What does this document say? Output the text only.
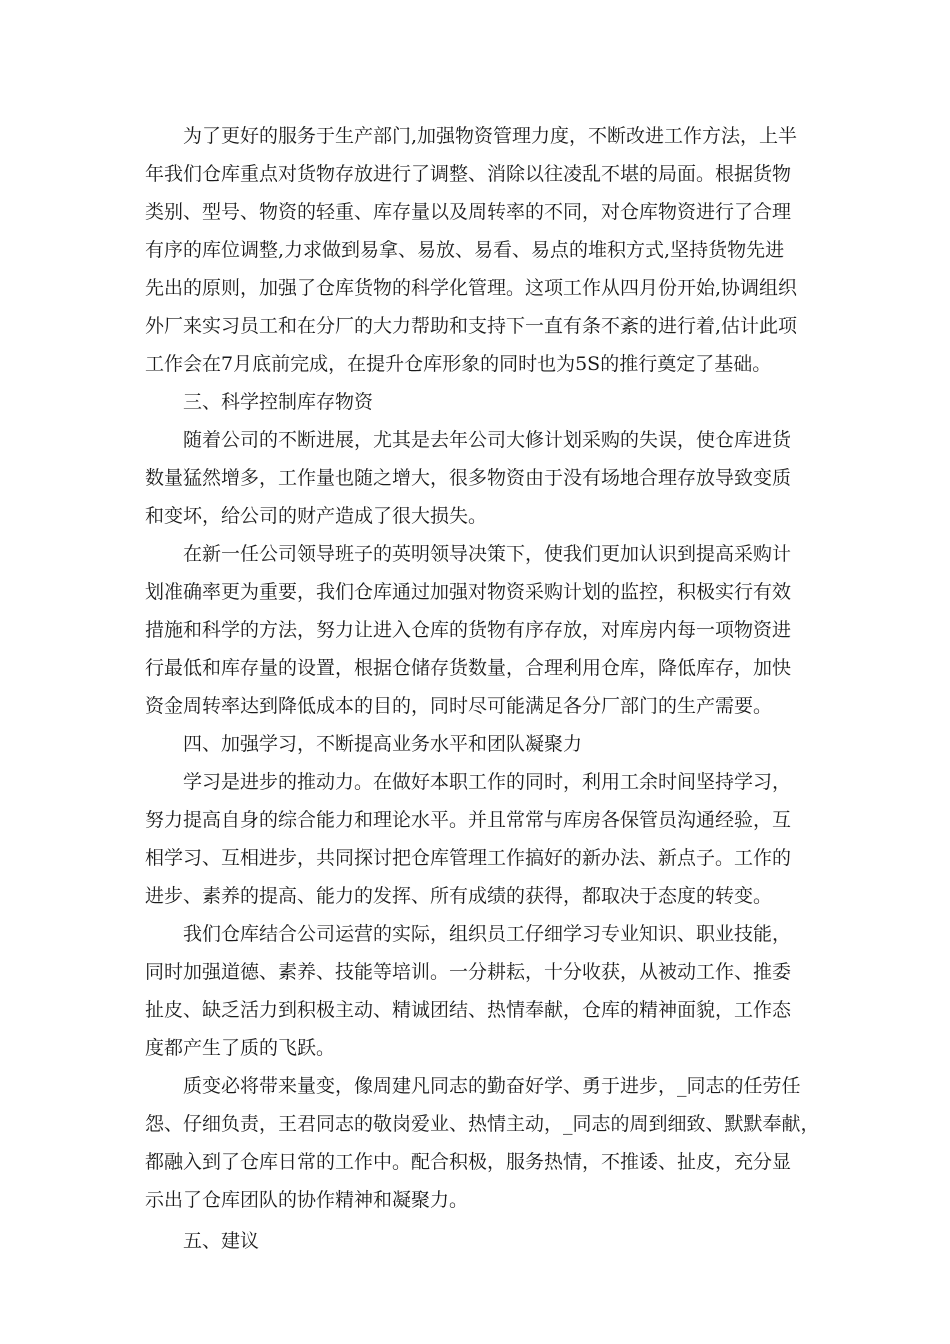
为了更好的服务于生产部门,加强物资管理力度，不断改进工作方法，上半
年我们仓库重点对货物存放进行了调整、消除以往凌乱不堪的局面。根据货物
类别、型号、物资的轻重、库存量以及周转率的不同，对仓库物资进行了合理
有序的库位调整,力求做到易拿、易放、易看、易点的堆积方式,坚持货物先进
先出的原则，加强了仓库货物的科学化管理。这项工作从四月份开始,协调组织
外厂来实习员工和在分厂的大力帮助和支持下一直有条不紊的进行着,估计此项
工作会在7月底前完成，在提升仓库形象的同时也为5S的推行奠定了基础。
三、科学控制库存物资
随着公司的不断进展，尤其是去年公司大修计划采购的失误，使仓库进货
数量猛然增多，工作量也随之增大，很多物资由于没有场地合理存放导致变质
和变坏，给公司的财产造成了很大损失。
在新一任公司领导班子的英明领导决策下，使我们更加认识到提高采购计
划准确率更为重要，我们仓库通过加强对物资采购计划的监控，积极实行有效
措施和科学的方法，努力让进入仓库的货物有序存放，对库房内每一项物资进
行最低和库存量的设置，根据仓储存货数量，合理利用仓库，降低库存，加快
资金周转率达到降低成本的目的，同时尽可能满足各分厂部门的生产需要。
四、加强学习，不断提高业务水平和团队凝聚力
学习是进步的推动力。在做好本职工作的同时，利用工余时间坚持学习，
努力提高自身的综合能力和理论水平。并且常常与库房各保管员沟通经验，互
相学习、互相进步，共同探讨把仓库管理工作搞好的新办法、新点子。工作的
进步、素养的提高、能力的发挥、所有成绩的获得，都取决于态度的转变。
我们仓库结合公司运营的实际，组织员工仔细学习专业知识、职业技能，
同时加强道德、素养、技能等培训。一分耕耘，十分收获，从被动工作、推委
扯皮、缺乏活力到积极主动、精诚团结、热情奉献，仓库的精神面貌，工作态
度都产生了质的飞跃。
质变必将带来量变，像周建凡同志的勤奋好学、勇于进步，_同志的任劳任
怨、仔细负责，王君同志的敬岗爱业、热情主动，_同志的周到细致、默默奉献，
都融入到了仓库日常的工作中。配合积极，服务热情，不推诿、扯皮，充分显
示出了仓库团队的协作精神和凝聚力。
五、建议
